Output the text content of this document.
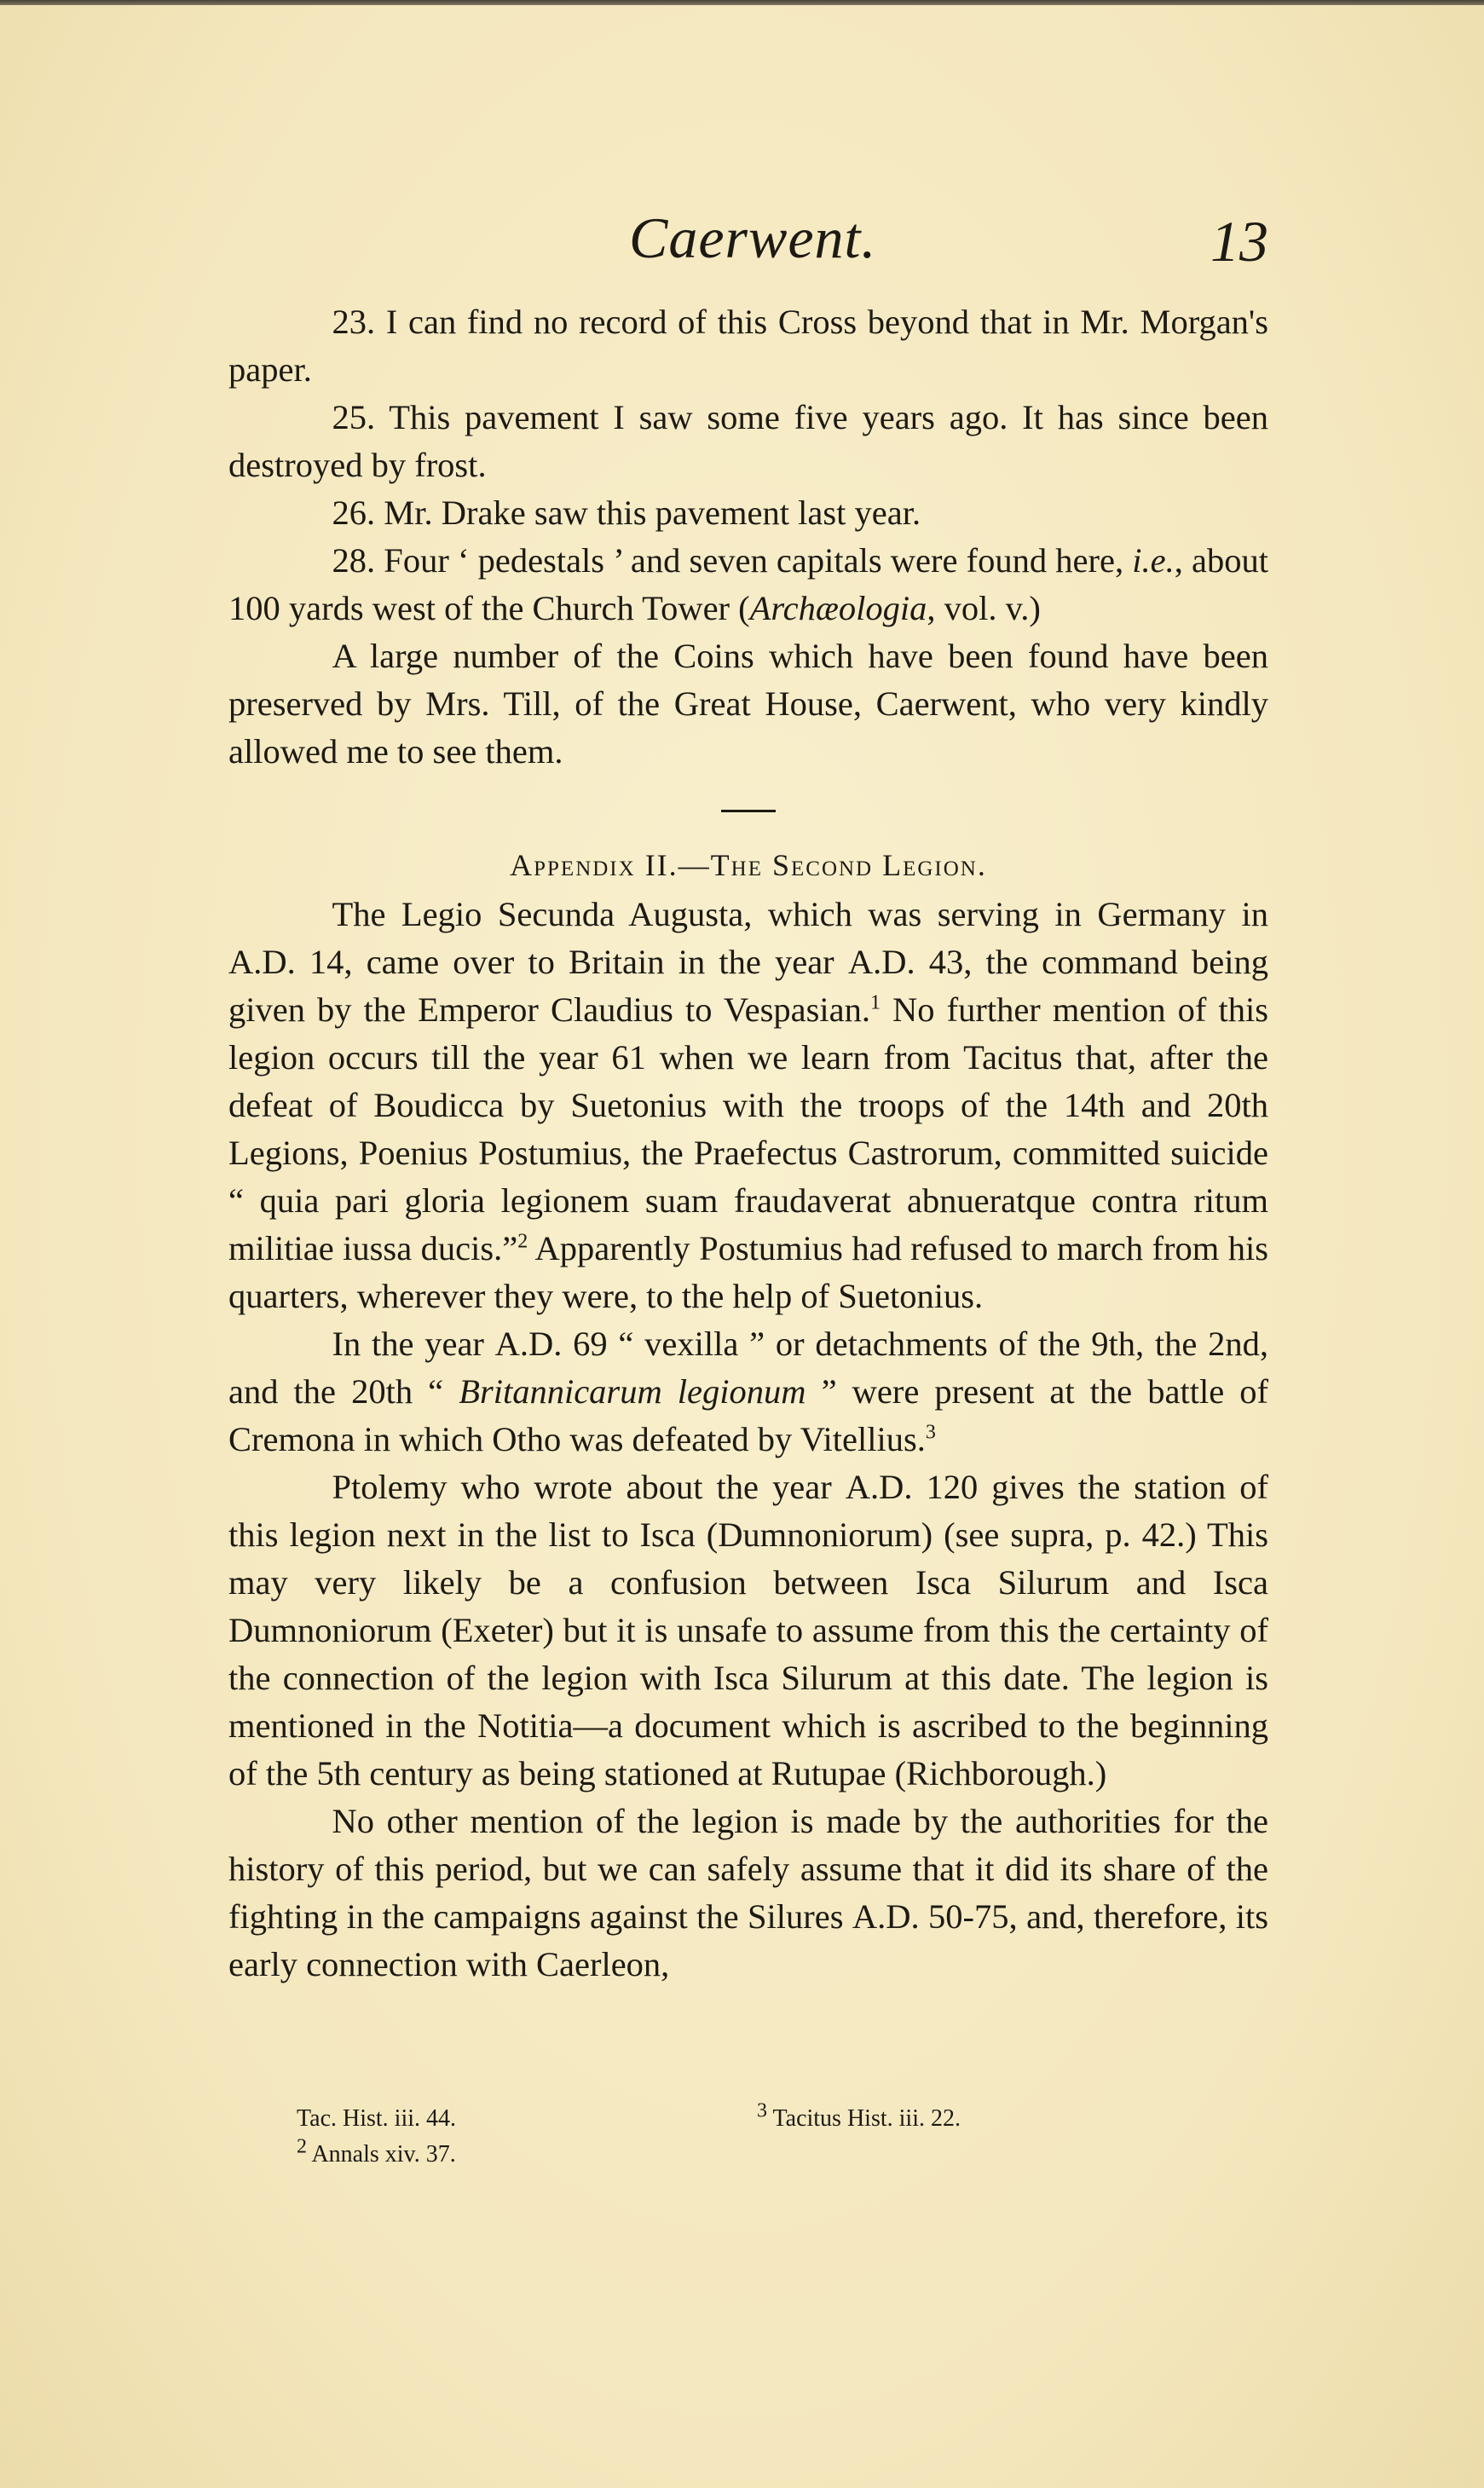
Caerwent.	13

23. I can find no record of this Cross beyond that in Mr. Morgan's paper.

25. This pavement I saw some five years ago. It has since been destroyed by frost.

26. Mr. Drake saw this pavement last year.

28. Four ‘ pedestals ’ and seven capitals were found here, i.e., about 100 yards west of the Church Tower (Archæologia, vol. v.)

A large number of the Coins which have been found have been preserved by Mrs. Till, of the Great House, Caerwent, who very kindly allowed me to see them.

Appendix II.—The Second Legion.

The Legio Secunda Augusta, which was serving in Germany in A.D. 14, came over to Britain in the year A.D. 43, the command being given by the Emperor Claudius to Vespasian.$^1$ No further mention of this legion occurs till the year 61 when we learn from Tacitus that, after the defeat of Boudicca by Suetonius with the troops of the 14th and 20th Legions, Poenius Postumius, the Praefectus Castrorum, committed suicide “ quia pari gloria legionem suam fraudaverat abnueratque contra ritum militiae iussa ducis.”$^2$ Apparently Postumius had refused to march from his quarters, wherever they were, to the help of Suetonius.

In the year A.D. 69 “ vexilla ” or detachments of the 9th, the 2nd, and the 20th “ Britannicarum legionum ” were present at the battle of Cremona in which Otho was defeated by Vitellius.$^3$

Ptolemy who wrote about the year A.D. 120 gives the station of this legion next in the list to Isca (Dumnoniorum) (see supra, p. 42.) This may very likely be a confusion between Isca Silurum and Isca Dumnoniorum (Exeter) but it is unsafe to assume from this the certainty of the connection of the legion with Isca Silurum at this date. The legion is mentioned in the Notitia—a document which is ascribed to the beginning of the 5th century as being stationed at Rutupae (Richborough.)

No other mention of the legion is made by the authorities for the history of this period, but we can safely assume that it did its share of the fighting in the campaigns against the Silures A.D. 50-75, and, therefore, its early connection with Caerleon,

Tac. Hist. iii. 44.	$^3$ Tacitus Hist. iii. 22.
$^2$ Annals xiv. 37.
